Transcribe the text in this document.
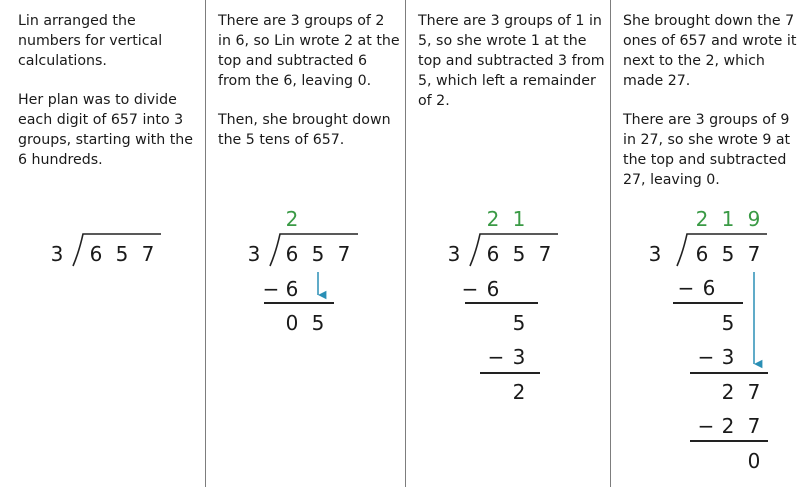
Lin arranged the numbers for vertical calculations.

Her plan was to divide each digit of 657 into 3 groups, starting with the 6 hundreds.

3 6 5 7

There are 3 groups of 2 in 6, so Lin wrote 2 at the top and subtracted 6 from the 6, leaving 0.

Then, she brought down the 5 tens of 657.

2
3 6 5 7
− 6
0 5

There are 3 groups of 1 in 5, so she wrote 1 at the top and subtracted 3 from 5, which left a remainder of 2.

2 1
3 6 5 7
− 6
5
− 3
2

She brought down the 7 ones of 657 and wrote it next to the 2, which made 27.

There are 3 groups of 9 in 27, so she wrote 9 at the top and subtracted 27, leaving 0.

2 1 9
3 6 5 7
− 6
5
− 3
2 7
− 2 7
0
